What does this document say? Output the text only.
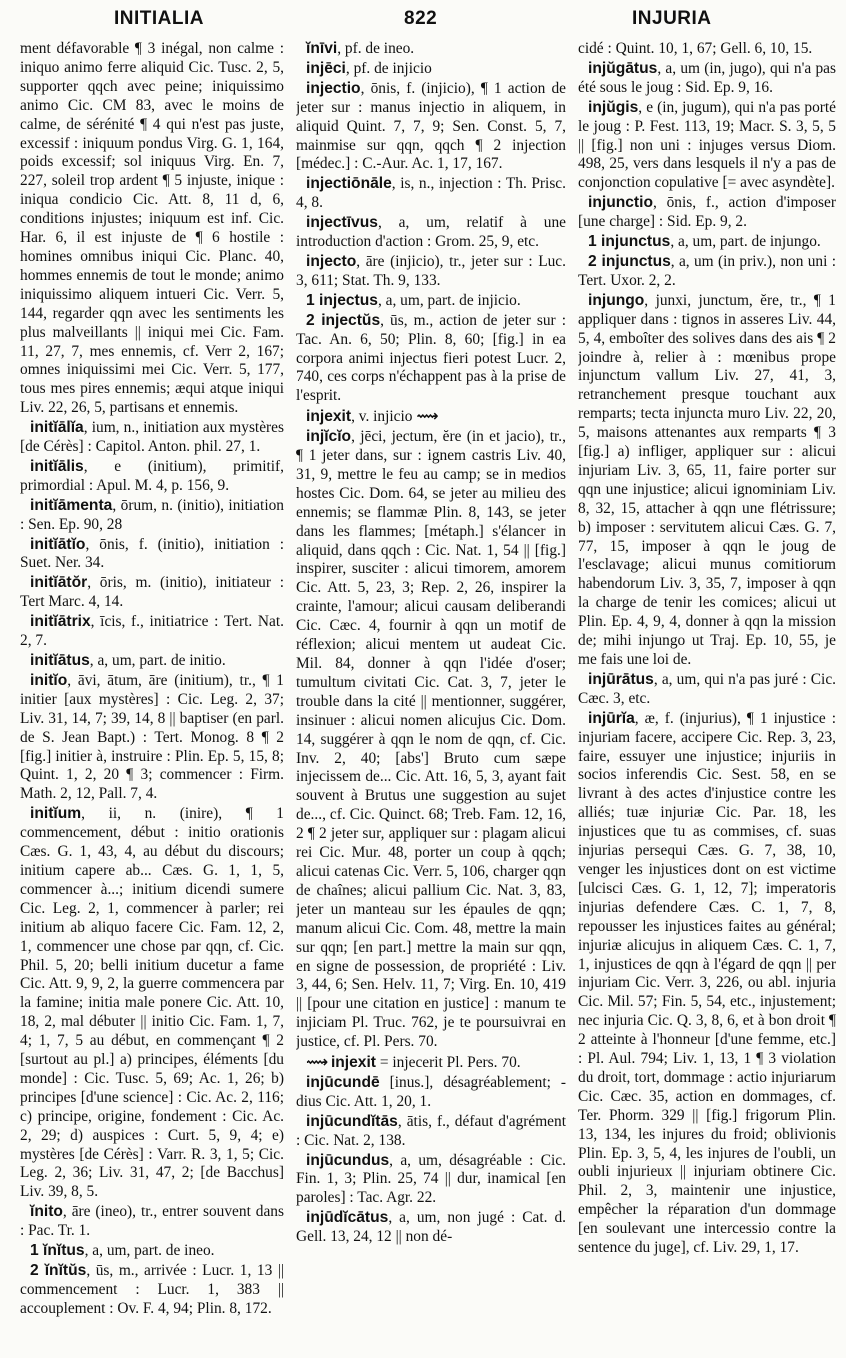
INITIALIA	822	INJURIA

ment défavorable ¶ 3 inégal, non calme : iniquo animo ferre aliquid Cic. Tusc. 2, 5, supporter qqch avec peine; iniquissimo animo Cic. CM 83, avec le moins de calme, de sérénité ¶ 4 qui n'est pas juste, excessif : iniquum pondus Virg. G. 1, 164, poids excessif; sol iniquus Virg. En. 7, 227, soleil trop ardent ¶ 5 injuste, inique : iniqua condicio Cic. Att. 8, 11 d, 6, conditions injustes; iniquum est inf. Cic. Har. 6, il est injuste de ¶ 6 hostile : homines omnibus iniqui Cic. Planc. 40, hommes ennemis de tout le monde; animo iniquissimo aliquem intueri Cic. Verr. 5, 144, regarder qqn avec les sentiments les plus malveillants || iniqui mei Cic. Fam. 11, 27, 7, mes ennemis, cf. Verr 2, 167; omnes iniquissimi mei Cic. Verr. 5, 177, tous mes pires ennemis; æqui atque iniqui Liv. 22, 26, 5, partisans et ennemis.

initĭālĭa, ium, n., initiation aux mystères [de Cérès] : Capitol. Anton. phil. 27, 1.

initĭālis, e (initium), primitif, primordial : Apul. M. 4, p. 156, 9.

initĭāmenta, ōrum, n. (initio), initiation : Sen. Ep. 90, 28

initĭātĭo, ōnis, f. (initio), initiation : Suet. Ner. 34.

initĭātŏr, ōris, m. (initio), initiateur : Tert Marc. 4, 14.

initĭātrix, īcis, f., initiatrice : Tert. Nat. 2, 7.

initĭātus, a, um, part. de initio.

initĭo, āvi, ātum, āre (initium), tr., ¶ 1 initier [aux mystères] : Cic. Leg. 2, 37; Liv. 31, 14, 7; 39, 14, 8 || baptiser (en parl. de S. Jean Bapt.) : Tert. Monog. 8 ¶ 2 [fig.] initier à, instruire : Plin. Ep. 5, 15, 8; Quint. 1, 2, 20 ¶ 3; commencer : Firm. Math. 2, 12, Pall. 7, 4.

initĭum, ii, n. (inire), ¶ 1 commencement, début : initio orationis Cæs. G. 1, 43, 4, au début du discours; initium capere ab... Cæs. G. 1, 1, 5, commencer à...; initium dicendi sumere Cic. Leg. 2, 1, commencer à parler; rei initium ab aliquo facere Cic. Fam. 12, 2, 1, commencer une chose par qqn, cf. Cic. Phil. 5, 20; belli initium ducetur a fame Cic. Att. 9, 9, 2, la guerre commencera par la famine; initia male ponere Cic. Att. 10, 18, 2, mal débuter || initio Cic. Fam. 1, 7, 4; 1, 7, 5 au début, en commençant ¶ 2 [surtout au pl.] a) principes, éléments [du monde] : Cic. Tusc. 5, 69; Ac. 1, 26; b) principes [d'une science] : Cic. Ac. 2, 116; c) principe, origine, fondement : Cic. Ac. 2, 29; d) auspices : Curt. 5, 9, 4; e) mystères [de Cérès] : Varr. R. 3, 1, 5; Cic. Leg. 2, 36; Liv. 31, 47, 2; [de Bacchus] Liv. 39, 8, 5.

ĭnito, āre (ineo), tr., entrer souvent dans : Pac. Tr. 1.

1 ĭnĭtus, a, um, part. de ineo.

2 ĭnĭtŭs, ūs, m., arrivée : Lucr. 1, 13 || commencement : Lucr. 1, 383 || accouplement : Ov. F. 4, 94; Plin. 8, 172.

ĭnīvi, pf. de ineo.

injēci, pf. de injicio

injectio, ōnis, f. (injicio), ¶ 1 action de jeter sur : manus injectio in aliquem, in aliquid Quint. 7, 7, 9; Sen. Const. 5, 7, mainmise sur qqn, qqch ¶ 2 injection [médec.] : C.-Aur. Ac. 1, 17, 167.

injectiōnāle, is, n., injection : Th. Prisc. 4, 8.

injectīvus, a, um, relatif à une introduction d'action : Grom. 25, 9, etc.

injecto, āre (injicio), tr., jeter sur : Luc. 3, 611; Stat. Th. 9, 133.

1 injectus, a, um, part. de injicio.

2 injectŭs, ūs, m., action de jeter sur : Tac. An. 6, 50; Plin. 8, 60; [fig.] in ea corpora animi injectus fieri potest Lucr. 2, 740, ces corps n'échappent pas à la prise de l'esprit.

injexit, v. injicio ⟿

injĭcĭo, jēci, jectum, ĕre (in et jacio), tr., ¶ 1 jeter dans, sur : ignem castris Liv. 40, 31, 9, mettre le feu au camp; se in medios hostes Cic. Dom. 64, se jeter au milieu des ennemis; se flammæ Plin. 8, 143, se jeter dans les flammes; [métaph.] s'élancer in aliquid, dans qqch : Cic. Nat. 1, 54 || [fig.] inspirer, susciter : alicui timorem, amorem Cic. Att. 5, 23, 3; Rep. 2, 26, inspirer la crainte, l'amour; alicui causam deliberandi Cic. Cæc. 4, fournir à qqn un motif de réflexion; alicui mentem ut audeat Cic. Mil. 84, donner à qqn l'idée d'oser; tumultum civitati Cic. Cat. 3, 7, jeter le trouble dans la cité || mentionner, suggérer, insinuer : alicui nomen alicujus Cic. Dom. 14, suggérer à qqn le nom de qqn, cf. Cic. Inv. 2, 40; [abs'] Bruto cum sæpe injecissem de... Cic. Att. 16, 5, 3, ayant fait souvent à Brutus une suggestion au sujet de..., cf. Cic. Quinct. 68; Treb. Fam. 12, 16, 2 ¶ 2 jeter sur, appliquer sur : plagam alicui rei Cic. Mur. 48, porter un coup à qqch; alicui catenas Cic. Verr. 5, 106, charger qqn de chaînes; alicui pallium Cic. Nat. 3, 83, jeter un manteau sur les épaules de qqn; manum alicui Cic. Com. 48, mettre la main sur qqn; [en part.] mettre la main sur qqn, en signe de possession, de propriété : Liv. 3, 44, 6; Sen. Helv. 11, 7; Virg. En. 10, 419 || [pour une citation en justice] : manum te injiciam Pl. Truc. 762, je te poursuivrai en justice, cf. Pl. Pers. 70.

⟿ injexit = injecerit Pl. Pers. 70.

injūcundē [inus.], désagréablement; -dius Cic. Att. 1, 20, 1.

injūcundĭtās, ātis, f., défaut d'agrément : Cic. Nat. 2, 138.

injūcundus, a, um, désagréable : Cic. Fin. 1, 3; Plin. 25, 74 || dur, inamical [en paroles] : Tac. Agr. 22.

injūdĭcātus, a, um, non jugé : Cat. d. Gell. 13, 24, 12 || non dé-

cidé : Quint. 10, 1, 67; Gell. 6, 10, 15.

injŭgātus, a, um (in, jugo), qui n'a pas été sous le joug : Sid. Ep. 9, 16.

injŭgis, e (in, jugum), qui n'a pas porté le joug : P. Fest. 113, 19; Macr. S. 3, 5, 5 || [fig.] non uni : injuges versus Diom. 498, 25, vers dans lesquels il n'y a pas de conjonction copulative [= avec asyndète].

injunctio, ōnis, f., action d'imposer [une charge] : Sid. Ep. 9, 2.

1 injunctus, a, um, part. de injungo.

2 injunctus, a, um (in priv.), non uni : Tert. Uxor. 2, 2.

injungo, junxi, junctum, ĕre, tr., ¶ 1 appliquer dans : tignos in asseres Liv. 44, 5, 4, emboîter des solives dans des ais ¶ 2 joindre à, relier à : mœnibus prope injunctum vallum Liv. 27, 41, 3, retranchement presque touchant aux remparts; tecta injuncta muro Liv. 22, 20, 5, maisons attenantes aux remparts ¶ 3 [fig.] a) infliger, appliquer sur : alicui injuriam Liv. 3, 65, 11, faire porter sur qqn une injustice; alicui ignominiam Liv. 8, 32, 15, attacher à qqn une flétrissure; b) imposer : servitutem alicui Cæs. G. 7, 77, 15, imposer à qqn le joug de l'esclavage; alicui munus comitiorum habendorum Liv. 3, 35, 7, imposer à qqn la charge de tenir les comices; alicui ut Plin. Ep. 4, 9, 4, donner à qqn la mission de; mihi injungo ut Traj. Ep. 10, 55, je me fais une loi de.

injūrātus, a, um, qui n'a pas juré : Cic. Cæc. 3, etc.

injūrĭa, æ, f. (injurius), ¶ 1 injustice : injuriam facere, accipere Cic. Rep. 3, 23, faire, essuyer une injustice; injuriis in socios inferendis Cic. Sest. 58, en se livrant à des actes d'injustice contre les alliés; tuæ injuriæ Cic. Par. 18, les injustices que tu as commises, cf. suas injurias persequi Cæs. G. 7, 38, 10, venger les injustices dont on est victime [ulcisci Cæs. G. 1, 12, 7]; imperatoris injurias defendere Cæs. C. 1, 7, 8, repousser les injustices faites au général; injuriæ alicujus in aliquem Cæs. C. 1, 7, 1, injustices de qqn à l'égard de qqn || per injuriam Cic. Verr. 3, 226, ou abl. injuria Cic. Mil. 57; Fin. 5, 54, etc., injustement; nec injuria Cic. Q. 3, 8, 6, et à bon droit ¶ 2 atteinte à l'honneur [d'une femme, etc.] : Pl. Aul. 794; Liv. 1, 13, 1 ¶ 3 violation du droit, tort, dommage : actio injuriarum Cic. Cæc. 35, action en dommages, cf. Ter. Phorm. 329 || [fig.] frigorum Plin. 13, 134, les injures du froid; oblivionis Plin. Ep. 3, 5, 4, les injures de l'oubli, un oubli injurieux || injuriam obtinere Cic. Phil. 2, 3, maintenir une injustice, empêcher la réparation d'un dommage [en soulevant une intercessio contre la sentence du juge], cf. Liv. 29, 1, 17.
